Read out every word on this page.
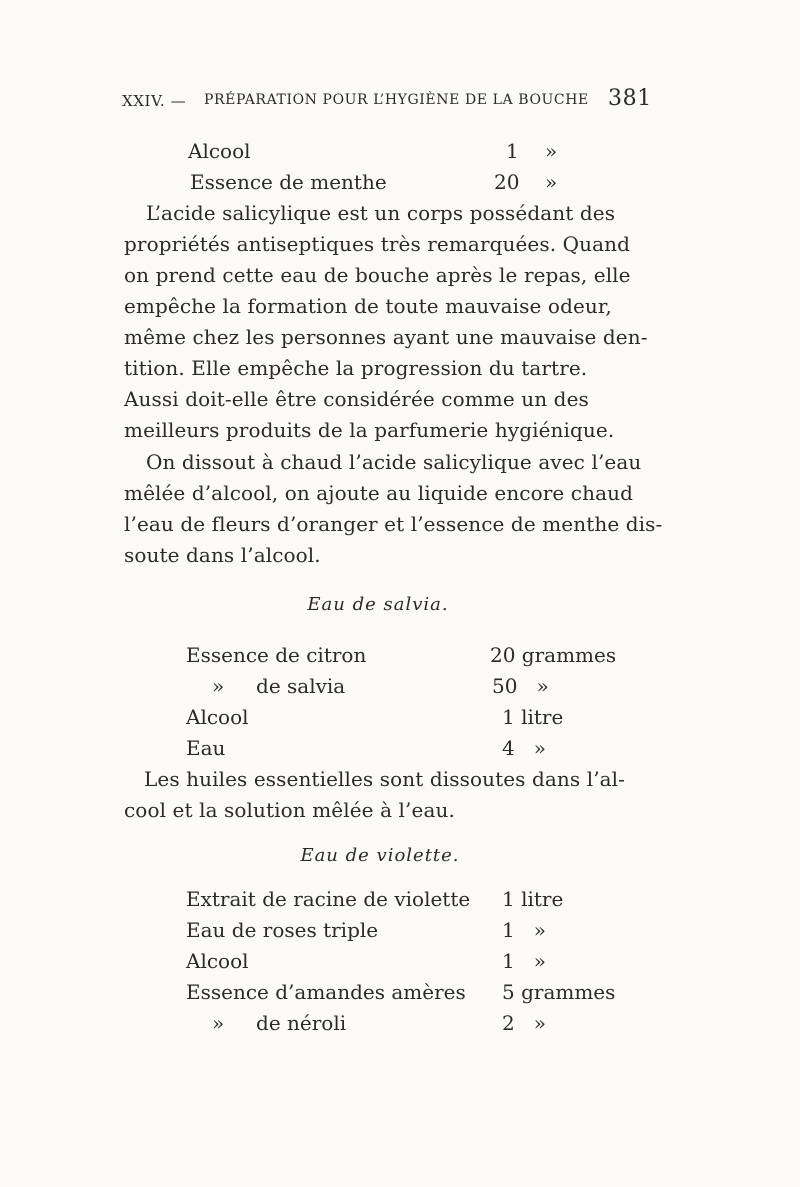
XXIV. — PRÉPARATION POUR L’HYGIÈNE DE LA BOUCHE 381
Alcool	1 »
Essence de menthe	20 »
L’acide salicylique est un corps possédant des
propriétés antiseptiques très remarquées. Quand
on prend cette eau de bouche après le repas, elle
empêche la formation de toute mauvaise odeur,
même chez les personnes ayant une mauvaise den-
tition. Elle empêche la progression du tartre.
Aussi doit-elle être considérée comme un des
meilleurs produits de la parfumerie hygiénique.
On dissout à chaud l’acide salicylique avec l’eau
mêlée d’alcool, on ajoute au liquide encore chaud
l’eau de fleurs d’oranger et l’essence de menthe dis-
soute dans l’alcool.
Eau de salvia.
Essence de citron	20 grammes
»     de salvia	50   »
Alcool	1 litre
Eau	4   »
Les huiles essentielles sont dissoutes dans l’al-
cool et la solution mêlée à l’eau.
Eau de violette.
Extrait de racine de violette 1 litre
Eau de roses triple	1   »
Alcool	1   »
Essence d’amandes amères 5 grammes
»     de néroli	2   »
